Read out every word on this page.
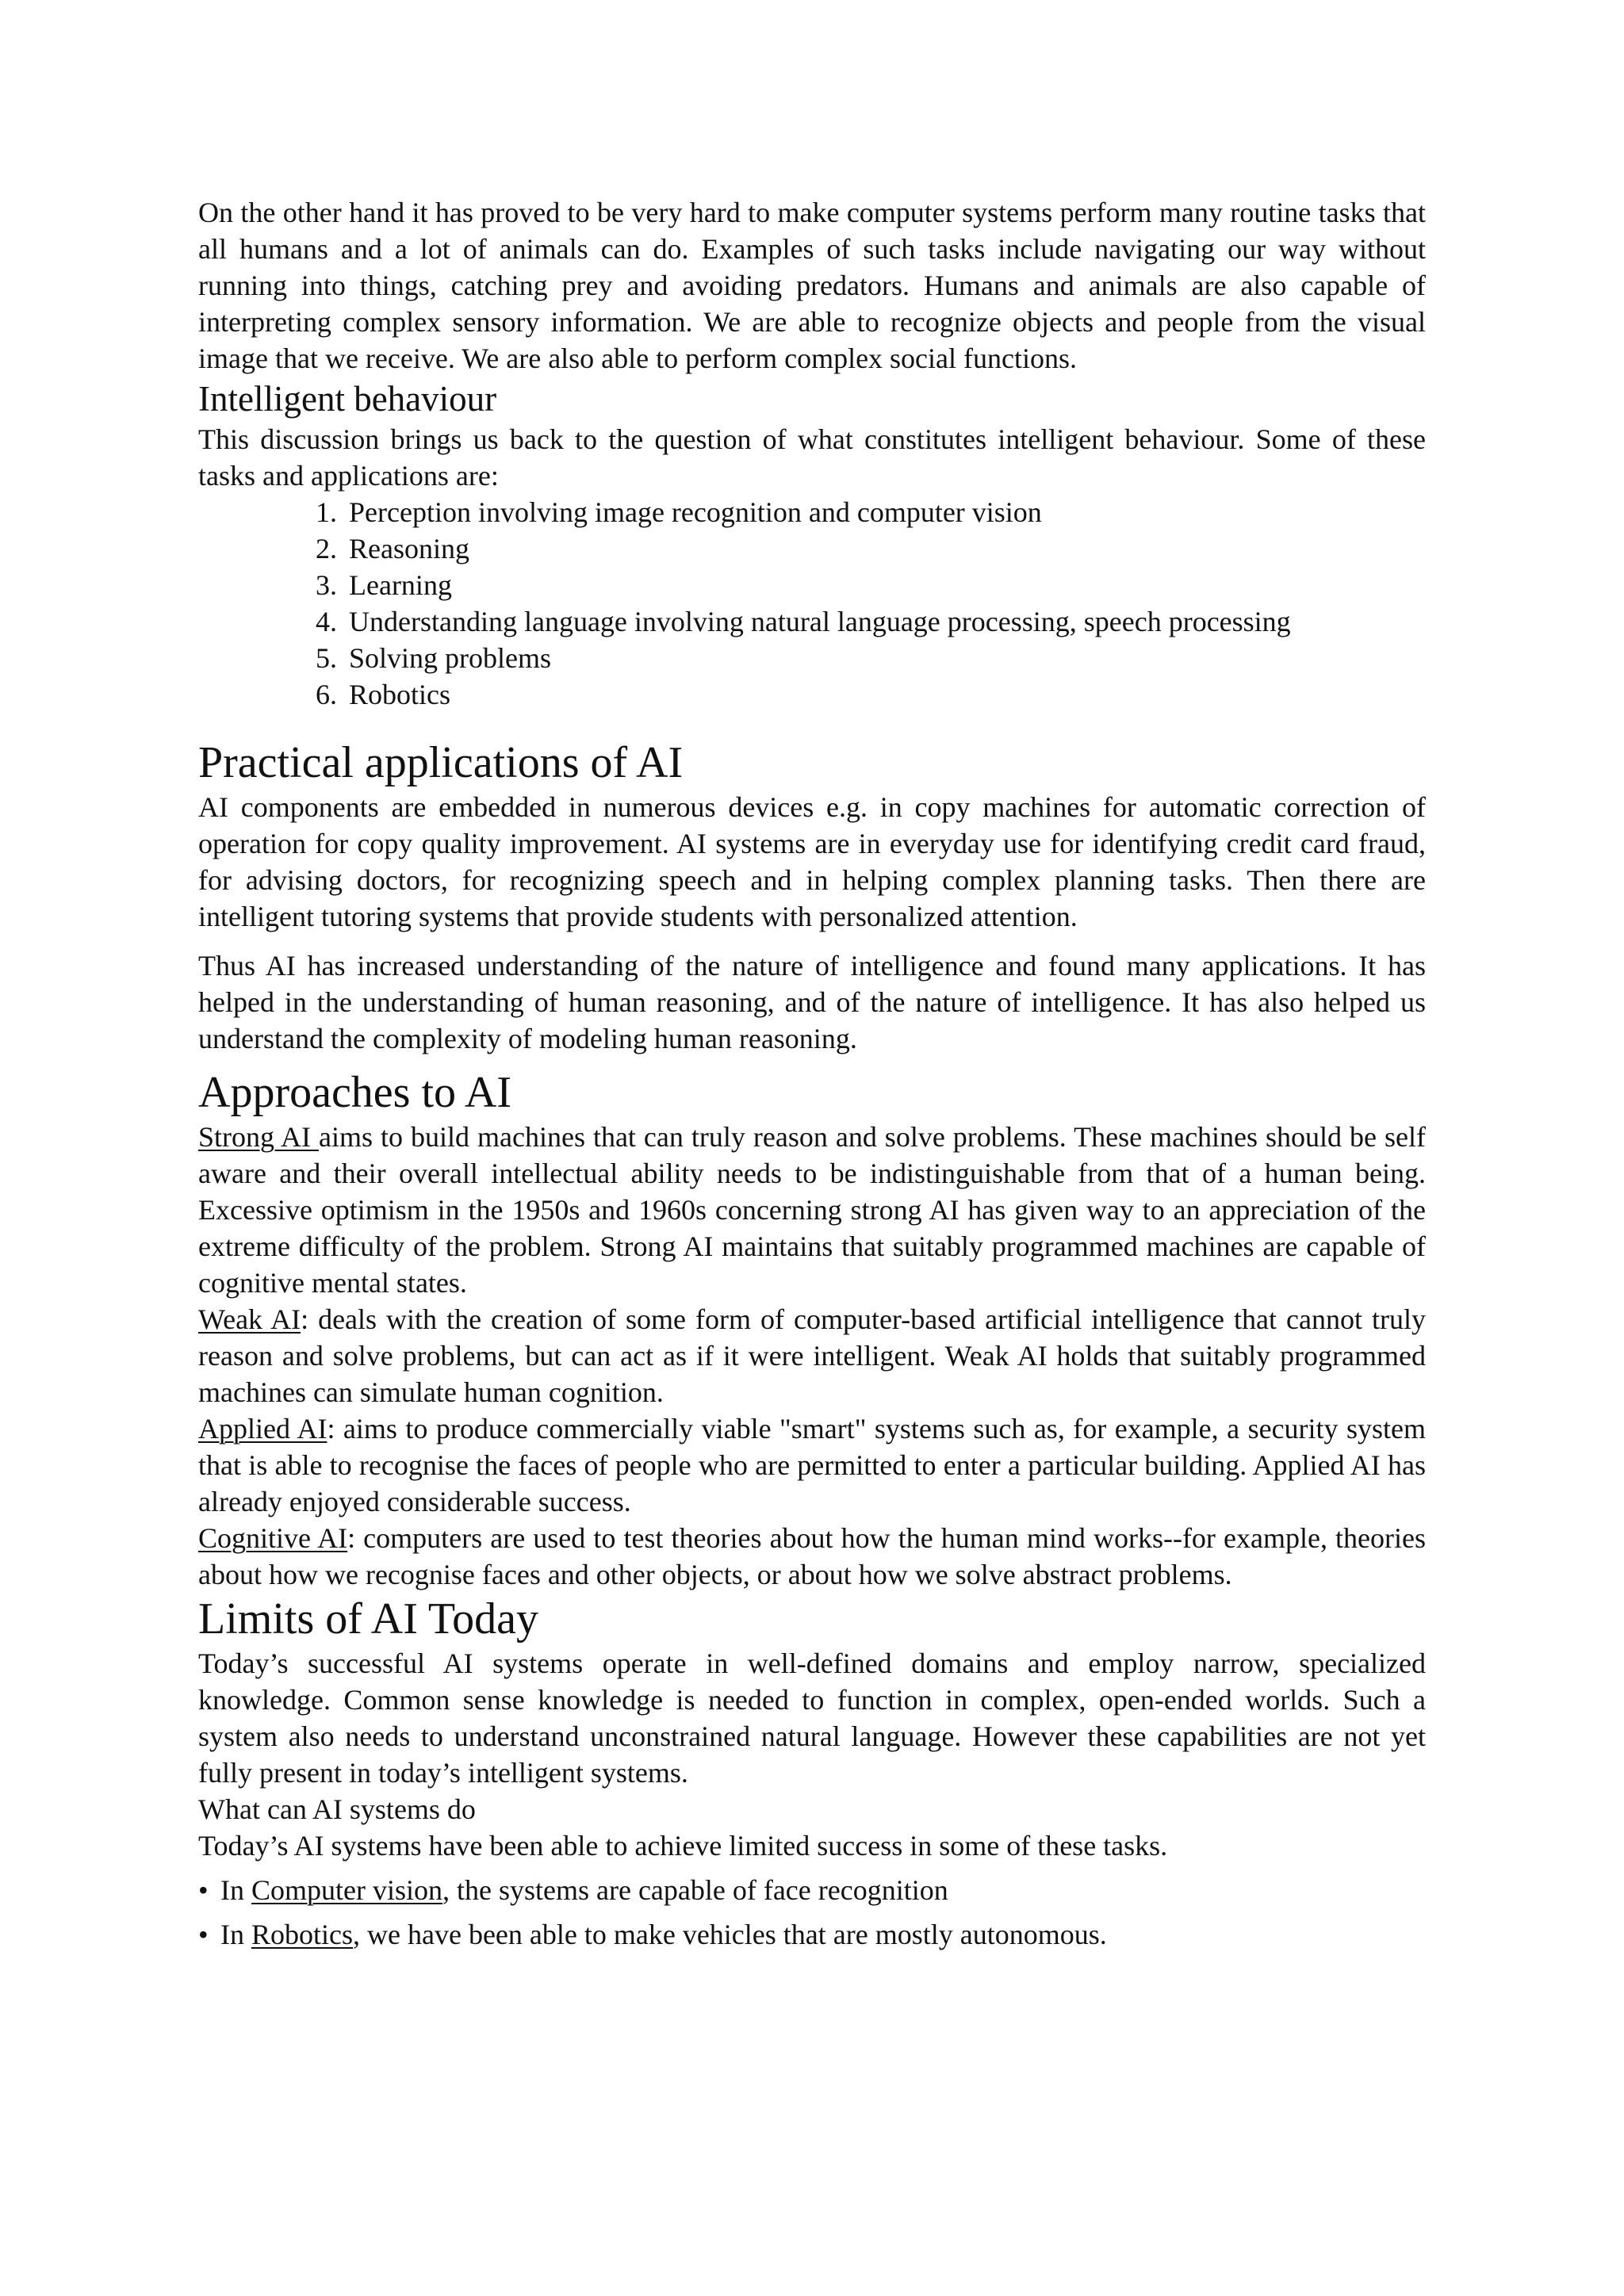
On the other hand it has proved to be very hard to make computer systems perform many routine tasks that all humans and a lot of animals can do. Examples of such tasks include navigating our way without running into things, catching prey and avoiding predators. Humans and animals are also capable of interpreting complex sensory information. We are able to recognize objects and people from the visual image that we receive. We are also able to perform complex social functions.

Intelligent behaviour

This discussion brings us back to the question of what constitutes intelligent behaviour. Some of these tasks and applications are:

1. Perception involving image recognition and computer vision
2. Reasoning
3. Learning
4. Understanding language involving natural language processing, speech processing
5. Solving problems
6. Robotics
Practical applications of AI

AI components are embedded in numerous devices e.g. in copy machines for automatic correction of operation for copy quality improvement. AI systems are in everyday use for identifying credit card fraud, for advising doctors, for recognizing speech and in helping complex planning tasks. Then there are intelligent tutoring systems that provide students with personalized attention.

Thus AI has increased understanding of the nature of intelligence and found many applications. It has helped in the understanding of human reasoning, and of the nature of intelligence. It has also helped us understand the complexity of modeling human reasoning.

Approaches to AI

Strong AI aims to build machines that can truly reason and solve problems. These machines should be self aware and their overall intellectual ability needs to be indistinguishable from that of a human being. Excessive optimism in the 1950s and 1960s concerning strong AI has given way to an appreciation of the extreme difficulty of the problem. Strong AI maintains that suitably programmed machines are capable of cognitive mental states.

Weak AI: deals with the creation of some form of computer-based artificial intelligence that cannot truly reason and solve problems, but can act as if it were intelligent. Weak AI holds that suitably programmed machines can simulate human cognition.

Applied AI: aims to produce commercially viable "smart" systems such as, for example, a security system that is able to recognise the faces of people who are permitted to enter a particular building. Applied AI has already enjoyed considerable success.

Cognitive AI: computers are used to test theories about how the human mind works--for example, theories about how we recognise faces and other objects, or about how we solve abstract problems.

Limits of AI Today

Today’s successful AI systems operate in well-defined domains and employ narrow, specialized knowledge. Common sense knowledge is needed to function in complex, open-ended worlds. Such a system also needs to understand unconstrained natural language. However these capabilities are not yet fully present in today’s intelligent systems.

What can AI systems do

Today’s AI systems have been able to achieve limited success in some of these tasks.

• In Computer vision, the systems are capable of face recognition
• In Robotics, we have been able to make vehicles that are mostly autonomous.
